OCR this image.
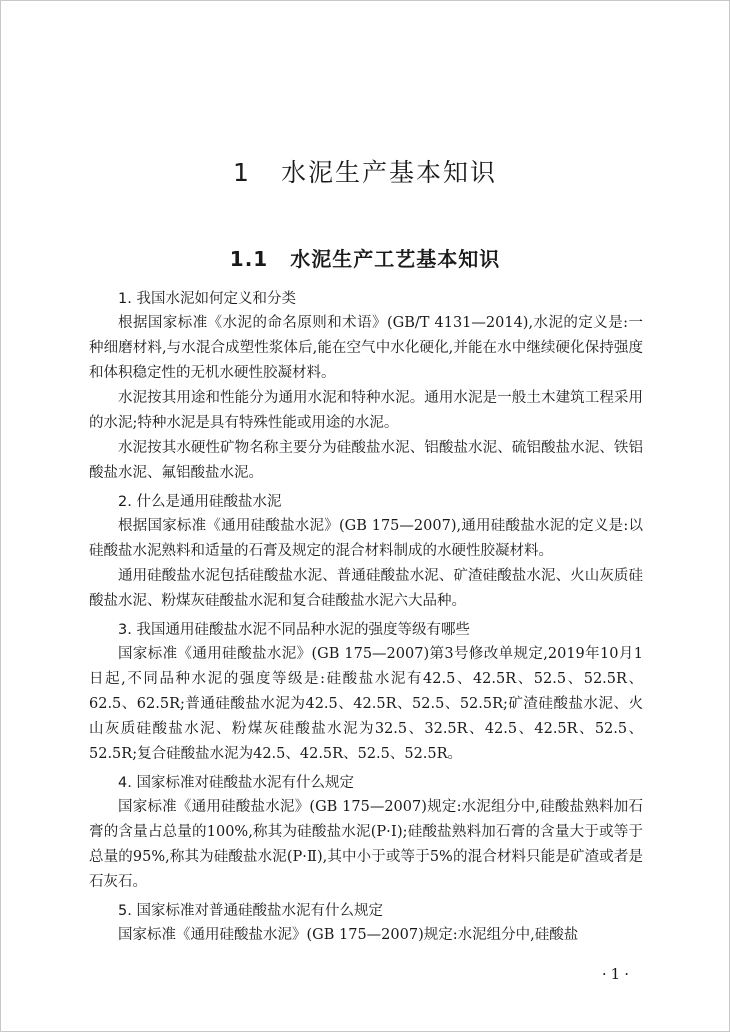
1 水泥生产基本知识
1.1 水泥生产工艺基本知识
1. 我国水泥如何定义和分类

根据国家标准《水泥的命名原则和术语》(GB/T 4131—2014),水泥的定义是:一种细磨材料,与水混合成塑性浆体后,能在空气中水化硬化,并能在水中继续硬化保持强度和体积稳定性的无机水硬性胶凝材料。

水泥按其用途和性能分为通用水泥和特种水泥。通用水泥是一般土木建筑工程采用的水泥;特种水泥是具有特殊性能或用途的水泥。

水泥按其水硬性矿物名称主要分为硅酸盐水泥、铝酸盐水泥、硫铝酸盐水泥、铁铝酸盐水泥、氟铝酸盐水泥。

2. 什么是通用硅酸盐水泥

根据国家标准《通用硅酸盐水泥》(GB 175—2007),通用硅酸盐水泥的定义是:以硅酸盐水泥熟料和适量的石膏及规定的混合材料制成的水硬性胶凝材料。

通用硅酸盐水泥包括硅酸盐水泥、普通硅酸盐水泥、矿渣硅酸盐水泥、火山灰质硅酸盐水泥、粉煤灰硅酸盐水泥和复合硅酸盐水泥六大品种。

3. 我国通用硅酸盐水泥不同品种水泥的强度等级有哪些

国家标准《通用硅酸盐水泥》(GB 175—2007)第3号修改单规定,2019年10月1日起,不同品种水泥的强度等级是:硅酸盐水泥有42.5、42.5R、52.5、52.5R、62.5、62.5R;普通硅酸盐水泥为42.5、42.5R、52.5、52.5R;矿渣硅酸盐水泥、火山灰质硅酸盐水泥、粉煤灰硅酸盐水泥为32.5、32.5R、42.5、42.5R、52.5、52.5R;复合硅酸盐水泥为42.5、42.5R、52.5、52.5R。

4. 国家标准对硅酸盐水泥有什么规定

国家标准《通用硅酸盐水泥》(GB 175—2007)规定:水泥组分中,硅酸盐熟料加石膏的含量占总量的100%,称其为硅酸盐水泥(P·Ⅰ);硅酸盐熟料加石膏的含量大于或等于总量的95%,称其为硅酸盐水泥(P·Ⅱ),其中小于或等于5%的混合材料只能是矿渣或者是石灰石。

5. 国家标准对普通硅酸盐水泥有什么规定

国家标准《通用硅酸盐水泥》(GB 175—2007)规定:水泥组分中,硅酸盐

·1·
